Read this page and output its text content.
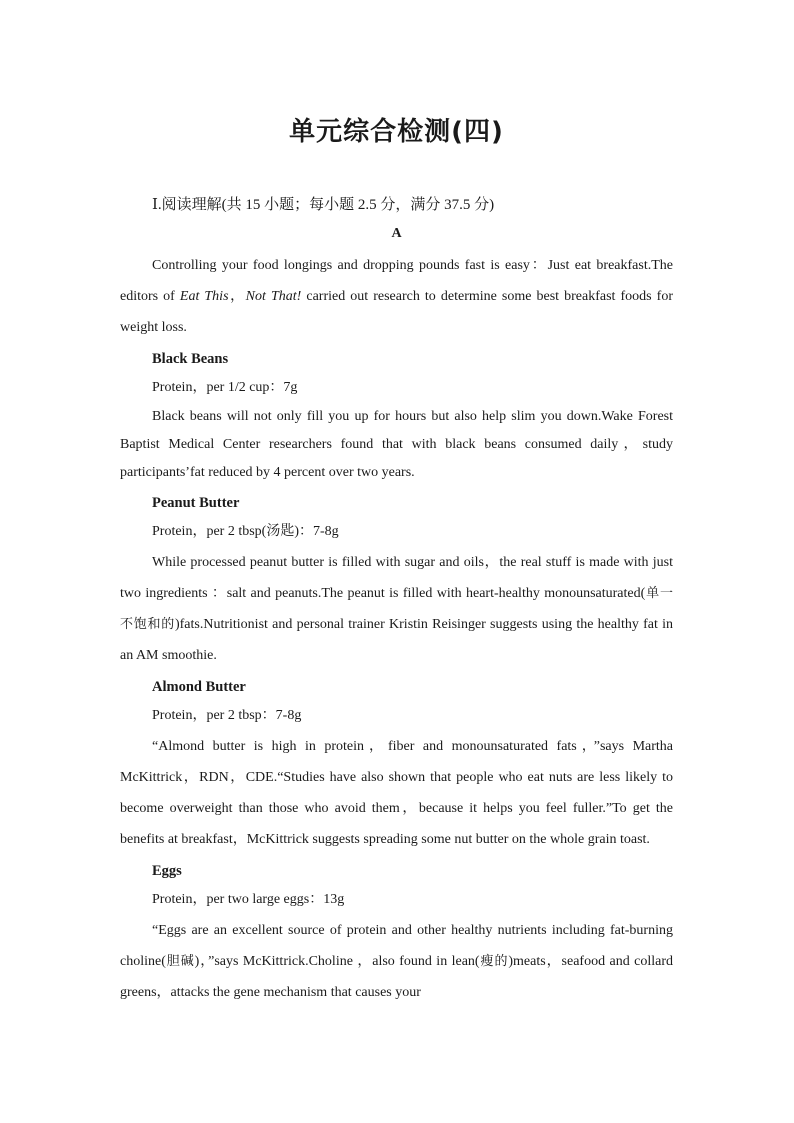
单元综合检测(四)

Ⅰ.阅读理解(共 15 小题；每小题 2.5 分，满分 37.5 分)

A

Controlling your food longings and dropping pounds fast is easy：Just eat breakfast.The editors of Eat This，Not That! carried out research to determine some best breakfast foods for weight loss.

Black Beans

Protein，per 1/2 cup：7g

Black beans will not only fill you up for hours but also help slim you down.Wake Forest Baptist Medical Center researchers found that with black beans consumed daily，study participants’fat reduced by 4 percent over two years.

Peanut Butter

Protein，per 2 tbsp(汤匙)：7-8g

While processed peanut butter is filled with sugar and oils，the real stuff is made with just two ingredients ：salt and peanuts.The peanut is filled with heart-healthy monounsaturated(单一不饱和的)fats.Nutritionist and personal trainer Kristin Reisinger suggests using the healthy fat in an AM smoothie.

Almond Butter

Protein，per 2 tbsp：7-8g

“Almond butter is high in protein，fiber and monounsaturated fats，”says Martha McKittrick，RDN，CDE.“Studies have also shown that people who eat nuts are less likely to become overweight than those who avoid them，because it helps you feel fuller.”To get the benefits at breakfast，McKittrick suggests spreading some nut butter on the whole grain toast.

Eggs

Protein，per two large eggs：13g

“Eggs are an excellent source of protein and other healthy nutrients including fat-burning choline(胆碱)，”says McKittrick.Choline ，also found in lean(瘦的)meats，seafood and collard greens，attacks the gene mechanism that causes your
